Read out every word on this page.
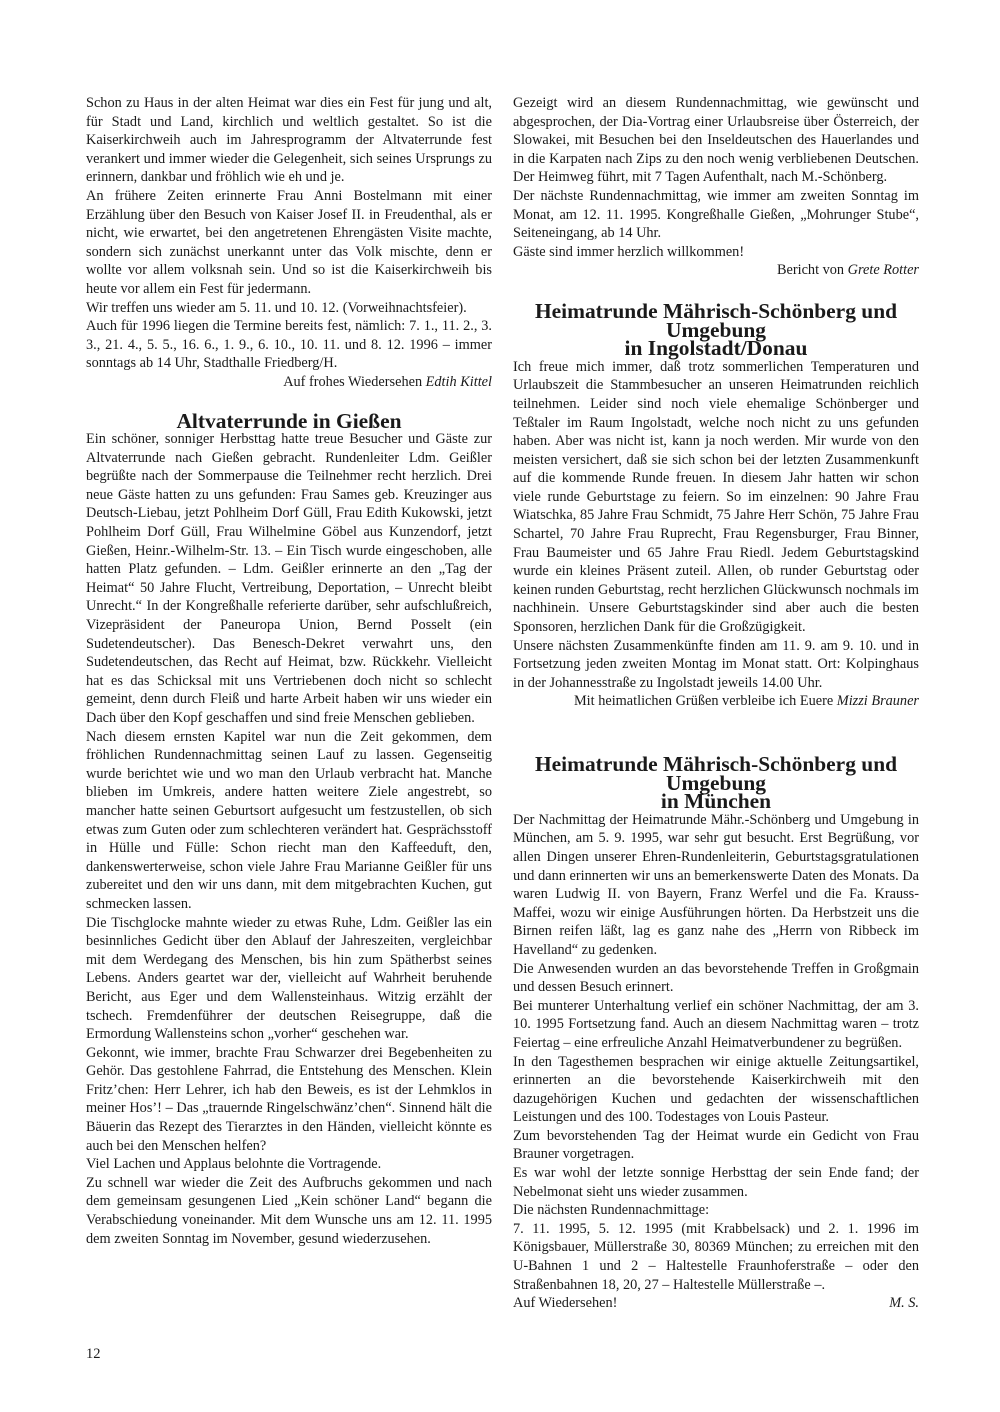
Schon zu Haus in der alten Heimat war dies ein Fest für jung und alt, für Stadt und Land, kirchlich und weltlich gestaltet. So ist die Kaiserkirchweih auch im Jahresprogramm der Altvaterrunde fest verankert und immer wieder die Gelegenheit, sich seines Ursprungs zu erinnern, dankbar und fröhlich wie eh und je.

An frühere Zeiten erinnerte Frau Anni Bostelmann mit einer Erzählung über den Besuch von Kaiser Josef II. in Freudenthal, als er nicht, wie erwartet, bei den angetretenen Ehrengästen Visite machte, sondern sich zunächst unerkannt unter das Volk mischte, denn er wollte vor allem volksnah sein. Und so ist die Kaiserkirchweih bis heute vor allem ein Fest für jedermann.

Wir treffen uns wieder am 5. 11. und 10. 12. (Vorweihnachtsfeier).

Auch für 1996 liegen die Termine bereits fest, nämlich: 7. 1., 11. 2., 3. 3., 21. 4., 5. 5., 16. 6., 1. 9., 6. 10., 10. 11. und 8. 12. 1996 – immer sonntags ab 14 Uhr, Stadthalle Friedberg/H.

Auf frohes Wiedersehen Edtih Kittel

Altvaterrunde in Gießen

Ein schöner, sonniger Herbsttag hatte treue Besucher und Gäste zur Altvaterrunde nach Gießen gebracht. Rundenleiter Ldm. Geißler begrüßte nach der Sommerpause die Teilnehmer recht herzlich. Drei neue Gäste hatten zu uns gefunden: Frau Sames geb. Kreuzinger aus Deutsch-Liebau, jetzt Pohlheim Dorf Güll, Frau Edith Kukowski, jetzt Pohlheim Dorf Güll, Frau Wilhelmine Göbel aus Kunzendorf, jetzt Gießen, Heinr.-Wilhelm-Str. 13. – Ein Tisch wurde eingeschoben, alle hatten Platz gefunden. – Ldm. Geißler erinnerte an den „Tag der Heimat“ 50 Jahre Flucht, Vertreibung, Deportation, – Unrecht bleibt Unrecht.“ In der Kongreßhalle referierte darüber, sehr aufschlußreich, Vizepräsident der Paneuropa Union, Bernd Posselt (ein Sudetendeutscher). Das Benesch-Dekret verwahrt uns, den Sudetendeutschen, das Recht auf Heimat, bzw. Rückkehr. Vielleicht hat es das Schicksal mit uns Vertriebenen doch nicht so schlecht gemeint, denn durch Fleiß und harte Arbeit haben wir uns wieder ein Dach über den Kopf geschaffen und sind freie Menschen geblieben.

Nach diesem ernsten Kapitel war nun die Zeit gekommen, dem fröhlichen Rundennachmittag seinen Lauf zu lassen. Gegenseitig wurde berichtet wie und wo man den Urlaub verbracht hat. Manche blieben im Umkreis, andere hatten weitere Ziele angestrebt, so mancher hatte seinen Geburtsort aufgesucht um festzustellen, ob sich etwas zum Guten oder zum schlechteren verändert hat. Gesprächsstoff in Hülle und Fülle: Schon riecht man den Kaffeeduft, den, dankenswerterweise, schon viele Jahre Frau Marianne Geißler für uns zubereitet und den wir uns dann, mit dem mitgebrachten Kuchen, gut schmecken lassen.

Die Tischglocke mahnte wieder zu etwas Ruhe, Ldm. Geißler las ein besinnliches Gedicht über den Ablauf der Jahreszeiten, vergleichbar mit dem Werdegang des Menschen, bis hin zum Spätherbst seines Lebens. Anders geartet war der, vielleicht auf Wahrheit beruhende Bericht, aus Eger und dem Wallensteinhaus. Witzig erzählt der tschech. Fremdenführer der deutschen Reisegruppe, daß die Ermordung Wallensteins schon „vorher“ geschehen war.

Gekonnt, wie immer, brachte Frau Schwarzer drei Begebenheiten zu Gehör. Das gestohlene Fahrrad, die Entstehung des Menschen. Klein Fritz’chen: Herr Lehrer, ich hab den Beweis, es ist der Lehmklos in meiner Hos’! – Das „trauernde Ringelschwänz’chen“. Sinnend hält die Bäuerin das Rezept des Tierarztes in den Händen, vielleicht könnte es auch bei den Menschen helfen?

Viel Lachen und Applaus belohnte die Vortragende.

Zu schnell war wieder die Zeit des Aufbruchs gekommen und nach dem gemeinsam gesungenen Lied „Kein schöner Land“ begann die Verabschiedung voneinander. Mit dem Wunsche uns am 12. 11. 1995 dem zweiten Sonntag im November, gesund wiederzusehen.

Gezeigt wird an diesem Rundennachmittag, wie gewünscht und abgesprochen, der Dia-Vortrag einer Urlaubsreise über Österreich, der Slowakei, mit Besuchen bei den Inseldeutschen des Hauerlandes und in die Karpaten nach Zips zu den noch wenig verbliebenen Deutschen. Der Heimweg führt, mit 7 Tagen Aufenthalt, nach M.-Schönberg.

Der nächste Rundennachmittag, wie immer am zweiten Sonntag im Monat, am 12. 11. 1995. Kongreßhalle Gießen, „Mohrunger Stube“, Seiteneingang, ab 14 Uhr.

Gäste sind immer herzlich willkommen!

Bericht von Grete Rotter

Heimatrunde Mährisch-Schönberg und Umgebung
in Ingolstadt/Donau

Ich freue mich immer, daß trotz sommerlichen Temperaturen und Urlaubszeit die Stammbesucher an unseren Heimatrunden reichlich teilnehmen. Leider sind noch viele ehemalige Schönberger und Teßtaler im Raum Ingolstadt, welche noch nicht zu uns gefunden haben. Aber was nicht ist, kann ja noch werden. Mir wurde von den meisten versichert, daß sie sich schon bei der letzten Zusammenkunft auf die kommende Runde freuen. In diesem Jahr hatten wir schon viele runde Geburtstage zu feiern. So im einzelnen: 90 Jahre Frau Wiatschka, 85 Jahre Frau Schmidt, 75 Jahre Herr Schön, 75 Jahre Frau Schartel, 70 Jahre Frau Ruprecht, Frau Regensburger, Frau Binner, Frau Baumeister und 65 Jahre Frau Riedl. Jedem Geburtstagskind wurde ein kleines Präsent zuteil. Allen, ob runder Geburtstag oder keinen runden Geburtstag, recht herzlichen Glückwunsch nochmals im nachhinein. Unsere Geburtstagskinder sind aber auch die besten Sponsoren, herzlichen Dank für die Großzügigkeit.

Unsere nächsten Zusammenkünfte finden am 11. 9. am 9. 10. und in Fortsetzung jeden zweiten Montag im Monat statt. Ort: Kolpinghaus in der Johannesstraße zu Ingolstadt jeweils 14.00 Uhr.

Mit heimatlichen Grüßen verbleibe ich Euere Mizzi Brauner

Heimatrunde Mährisch-Schönberg und Umgebung
in München

Der Nachmittag der Heimatrunde Mähr.-Schönberg und Umgebung in München, am 5. 9. 1995, war sehr gut besucht. Erst Begrüßung, vor allen Dingen unserer Ehren-Rundenleiterin, Geburtstagsgratulationen und dann erinnerten wir uns an bemerkenswerte Daten des Monats. Da waren Ludwig II. von Bayern, Franz Werfel und die Fa. Krauss-Maffei, wozu wir einige Ausführungen hörten. Da Herbstzeit uns die Birnen reifen läßt, lag es ganz nahe des „Herrn von Ribbeck im Havelland“ zu gedenken.

Die Anwesenden wurden an das bevorstehende Treffen in Großgmain und dessen Besuch erinnert.

Bei munterer Unterhaltung verlief ein schöner Nachmittag, der am 3. 10. 1995 Fortsetzung fand. Auch an diesem Nachmittag waren – trotz Feiertag – eine erfreuliche Anzahl Heimatverbundener zu begrüßen.

In den Tagesthemen besprachen wir einige aktuelle Zeitungsartikel, erinnerten an die bevorstehende Kaiserkirchweih mit den dazugehörigen Kuchen und gedachten der wissenschaftlichen Leistungen und des 100. Todestages von Louis Pasteur.

Zum bevorstehenden Tag der Heimat wurde ein Gedicht von Frau Brauner vorgetragen.

Es war wohl der letzte sonnige Herbsttag der sein Ende fand; der Nebelmonat sieht uns wieder zusammen.

Die nächsten Rundennachmittage:

7. 11. 1995, 5. 12. 1995 (mit Krabbelsack) und 2. 1. 1996 im Königsbauer, Müllerstraße 30, 80369 München; zu erreichen mit den U-Bahnen 1 und 2 – Haltestelle Fraunhoferstraße – oder den Straßenbahnen 18, 20, 27 – Haltestelle Müllerstraße –.

Auf Wiedersehen!	M. S.
12
